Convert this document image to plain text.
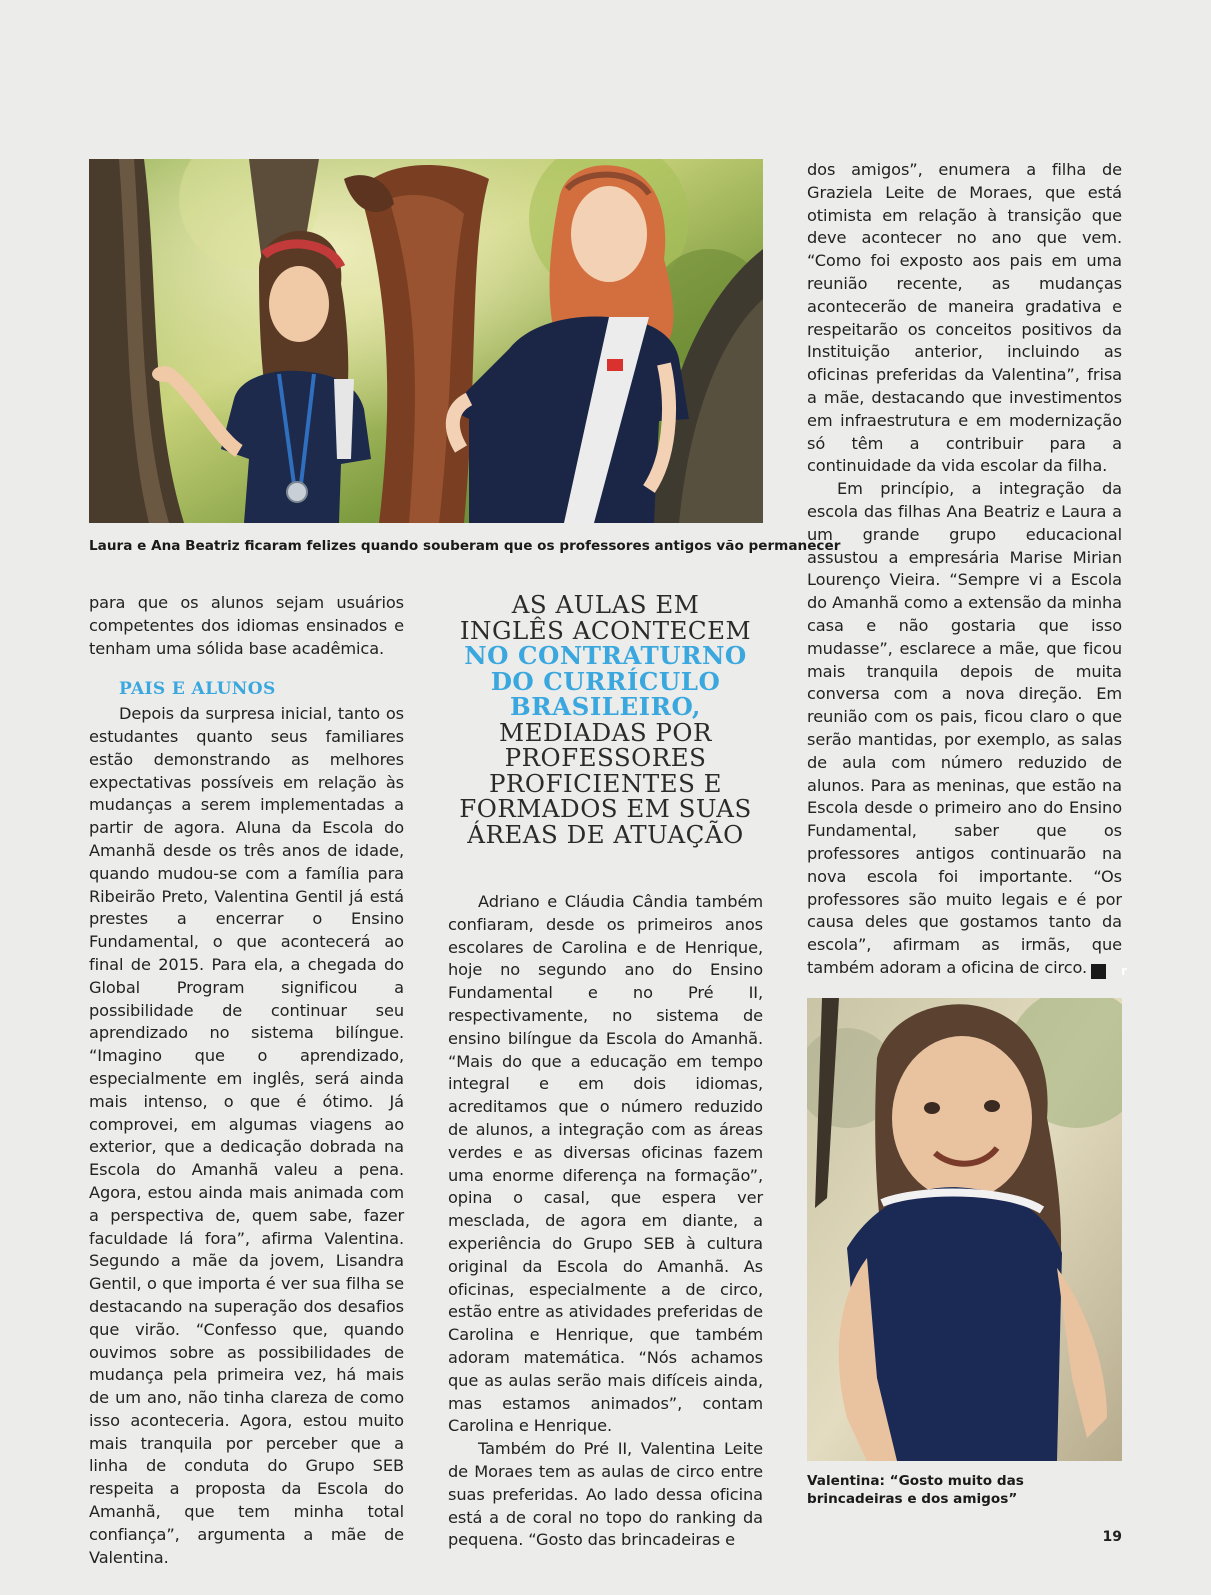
Laura e Ana Beatriz ficaram felizes quando souberam que os professores antigos vão permanecer

para que os alunos sejam usuários competentes dos idiomas ensinados e tenham uma sólida base acadêmica.

PAIS E ALUNOS

Depois da surpresa inicial, tanto os estudantes quanto seus familiares estão demonstrando as melhores expectativas possíveis em relação às mudanças a serem implementadas a partir de agora. Aluna da Escola do Amanhã desde os três anos de idade, quando mudou-se com a família para Ribeirão Preto, Valentina Gentil já está prestes a encerrar o Ensino Fundamental, o que acontecerá ao final de 2015. Para ela, a chegada do Global Program significou a possibilidade de continuar seu aprendizado no sistema bilíngue. “Imagino que o aprendizado, especialmente em inglês, será ainda mais intenso, o que é ótimo. Já comprovei, em algumas viagens ao exterior, que a dedicação dobrada na Escola do Amanhã valeu a pena. Agora, estou ainda mais animada com a perspectiva de, quem sabe, fazer faculdade lá fora”, afirma Valentina. Segundo a mãe da jovem, Lisandra Gentil, o que importa é ver sua filha se destacando na superação dos desafios que virão. “Confesso que, quando ouvimos sobre as possibilidades de mudança pela primeira vez, há mais de um ano, não tinha clareza de como isso aconteceria. Agora, estou muito mais tranquila por perceber que a linha de conduta do Grupo SEB respeita a proposta da Escola do Amanhã, que tem minha total confiança”, argumenta a mãe de Valentina.

AS AULAS EM
INGLÊS ACONTECEM
NO CONTRATURNO
DO CURRÍCULO
BRASILEIRO,
MEDIADAS POR
PROFESSORES
PROFICIENTES E
FORMADOS EM SUAS
ÁREAS DE ATUAÇÃO

Adriano e Cláudia Cândia também confiaram, desde os primeiros anos escolares de Carolina e de Henrique, hoje no segundo ano do Ensino Fundamental e no Pré II, respectivamente, no sistema de ensino bilíngue da Escola do Amanhã. “Mais do que a educação em tempo integral e em dois idiomas, acreditamos que o número reduzido de alunos, a integração com as áreas verdes e as diversas oficinas fazem uma enorme diferença na formação”, opina o casal, que espera ver mesclada, de agora em diante, a experiência do Grupo SEB à cultura original da Escola do Amanhã. As oficinas, especialmente a de circo, estão entre as atividades preferidas de Carolina e Henrique, que também adoram matemática. “Nós achamos que as aulas serão mais difíceis ainda, mas estamos animados”, contam Carolina e Henrique.

Também do Pré II, Valentina Leite de Moraes tem as aulas de circo entre suas preferidas. Ao lado dessa oficina está a de coral no topo do ranking da pequena. “Gosto das brincadeiras e

dos amigos”, enumera a filha de Graziela Leite de Moraes, que está otimista em relação à transição que deve acontecer no ano que vem. “Como foi exposto aos pais em uma reunião recente, as mudanças acontecerão de maneira gradativa e respeitarão os conceitos positivos da Instituição anterior, incluindo as oficinas preferidas da Valentina”, frisa a mãe, destacando que investimentos em infraestrutura e em modernização só têm a contribuir para a continuidade da vida escolar da filha.

Em princípio, a integração da escola das filhas Ana Beatriz e Laura a um grande grupo educacional assustou a empresária Marise Mirian Lourenço Vieira. “Sempre vi a Escola do Amanhã como a extensão da minha casa e não gostaria que isso mudasse”, esclarece a mãe, que ficou mais tranquila depois de muita conversa com a nova direção. Em reunião com os pais, ficou claro o que serão mantidas, por exemplo, as salas de aula com número reduzido de alunos. Para as meninas, que estão na Escola desde o primeiro ano do Ensino Fundamental, saber que os professores antigos continuarão na nova escola foi importante. “Os professores são muito legais e é por causa deles que gostamos tanto da escola”, afirmam as irmãs, que também adoram a oficina de circo.	r

Valentina: “Gosto muito das
brincadeiras e dos amigos”
19
